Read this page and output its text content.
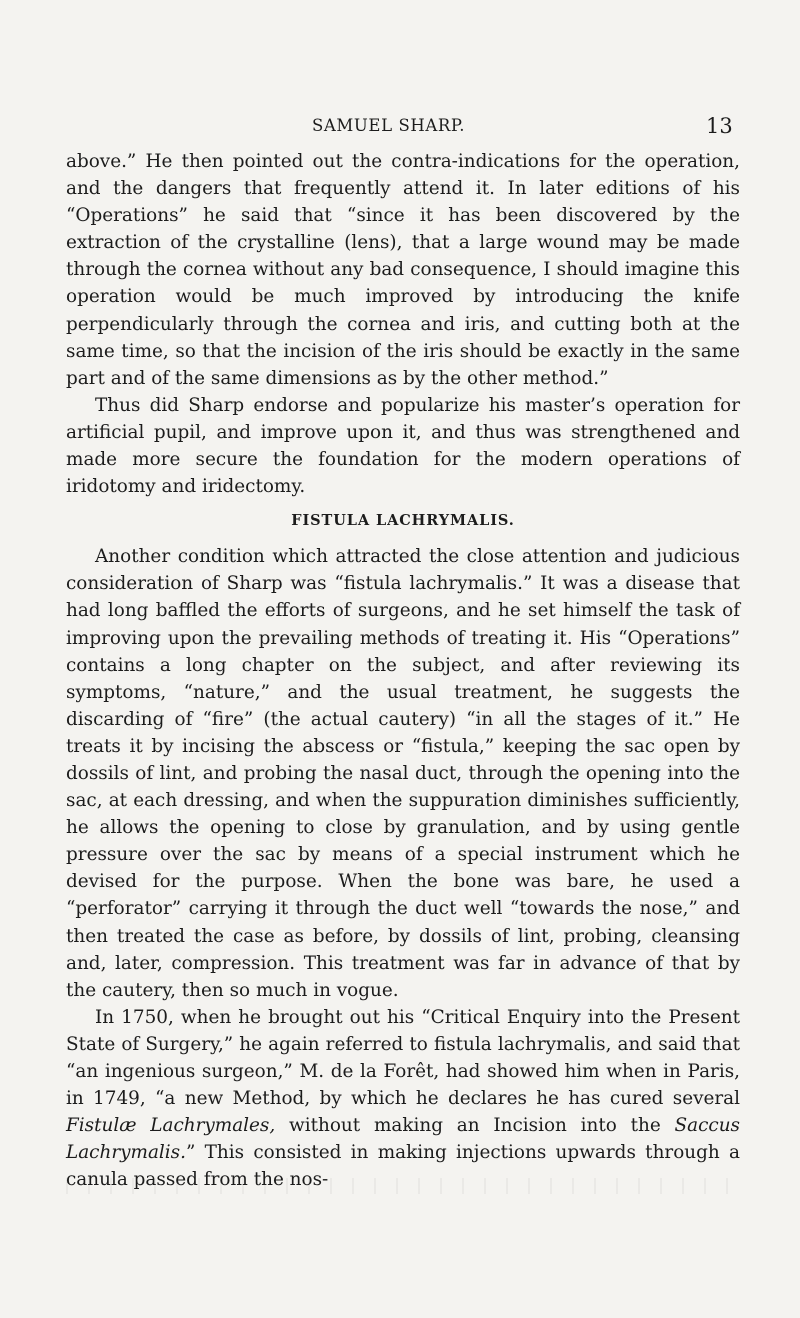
SAMUEL SHARP.	13

above.” He then pointed out the contra-indications for the operation, and the dangers that frequently attend it. In later editions of his “Operations” he said that “since it has been discovered by the extraction of the crystalline (lens), that a large wound may be made through the cornea without any bad consequence, I should imagine this operation would be much improved by introducing the knife perpendicularly through the cornea and iris, and cutting both at the same time, so that the incision of the iris should be exactly in the same part and of the same dimensions as by the other method.”

Thus did Sharp endorse and popularize his master’s operation for artificial pupil, and improve upon it, and thus was strengthened and made more secure the foundation for the modern operations of iridotomy and iridectomy.

FISTULA LACHRYMALIS.

Another condition which attracted the close attention and judicious consideration of Sharp was “fistula lachrymalis.” It was a disease that had long baffled the efforts of surgeons, and he set himself the task of improving upon the prevailing methods of treating it. His “Operations” contains a long chapter on the subject, and after reviewing its symptoms, “nature,” and the usual treatment, he suggests the discarding of “fire” (the actual cautery) “in all the stages of it.” He treats it by incising the abscess or “fistula,” keeping the sac open by dossils of lint, and probing the nasal duct, through the opening into the sac, at each dressing, and when the suppuration diminishes sufficiently, he allows the opening to close by granulation, and by using gentle pressure over the sac by means of a special instrument which he devised for the purpose. When the bone was bare, he used a “perforator” carrying it through the duct well “towards the nose,” and then treated the case as before, by dossils of lint, probing, cleansing and, later, compression. This treatment was far in advance of that by the cautery, then so much in vogue.

In 1750, when he brought out his “Critical Enquiry into the Present State of Surgery,” he again referred to fistula lachrymalis, and said that “an ingenious surgeon,” M. de la Forêt, had showed him when in Paris, in 1749, “a new Method, by which he declares he has cured several Fistulæ Lachrymales, without making an Incision into the Saccus Lachrymalis.” This consisted in making injections upwards through a canula passed from the nos-
